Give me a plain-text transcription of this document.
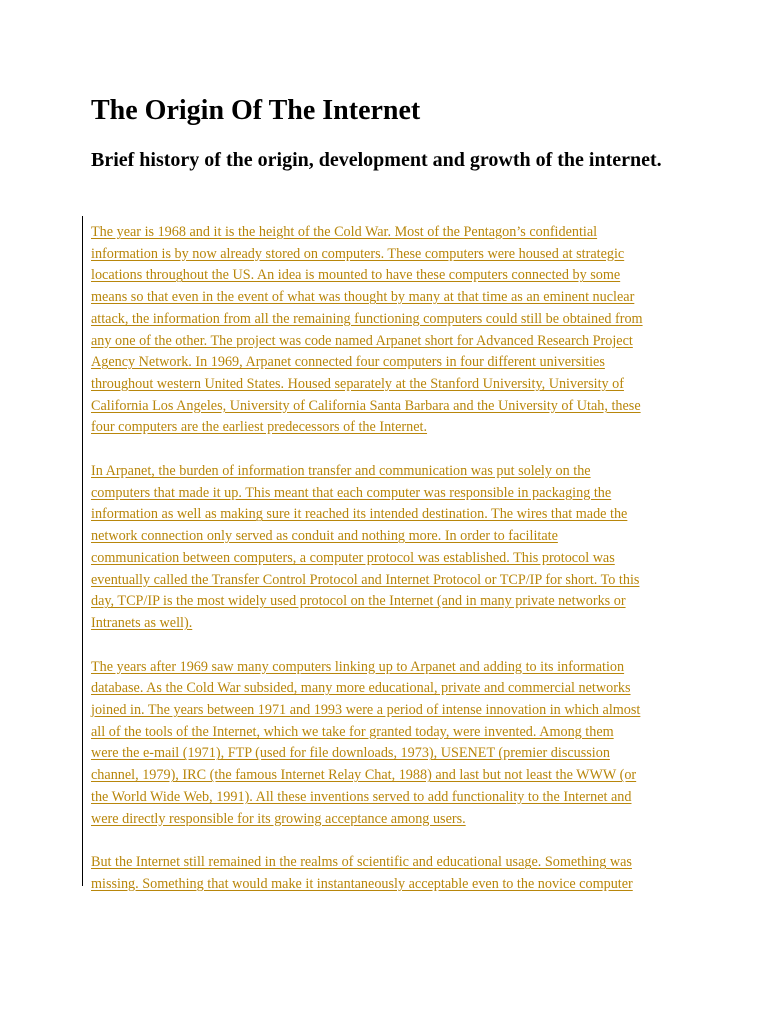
The Origin Of The Internet
Brief history of the origin, development and growth of the internet.

The year is 1968 and it is the height of the Cold War. Most of the Pentagon’s confidential
information is by now already stored on computers. These computers were housed at strategic
locations throughout the US. An idea is mounted to have these computers connected by some
means so that even in the event of what was thought by many at that time as an eminent nuclear
attack, the information from all the remaining functioning computers could still be obtained from
any one of the other. The project was code named Arpanet short for Advanced Research Project
Agency Network. In 1969, Arpanet connected four computers in four different universities
throughout western United States. Housed separately at the Stanford University, University of
California Los Angeles, University of California Santa Barbara and the University of Utah, these
four computers are the earliest predecessors of the Internet.

In Arpanet, the burden of information transfer and communication was put solely on the
computers that made it up. This meant that each computer was responsible in packaging the
information as well as making sure it reached its intended destination. The wires that made the
network connection only served as conduit and nothing more. In order to facilitate
communication between computers, a computer protocol was established. This protocol was
eventually called the Transfer Control Protocol and Internet Protocol or TCP/IP for short. To this
day, TCP/IP is the most widely used protocol on the Internet (and in many private networks or
Intranets as well).

The years after 1969 saw many computers linking up to Arpanet and adding to its information
database. As the Cold War subsided, many more educational, private and commercial networks
joined in. The years between 1971 and 1993 were a period of intense innovation in which almost
all of the tools of the Internet, which we take for granted today, were invented. Among them
were the e-mail (1971), FTP (used for file downloads, 1973), USENET (premier discussion
channel, 1979), IRC (the famous Internet Relay Chat, 1988) and last but not least the WWW (or
the World Wide Web, 1991). All these inventions served to add functionality to the Internet and
were directly responsible for its growing acceptance among users.

But the Internet still remained in the realms of scientific and educational usage. Something was
missing. Something that would make it instantaneously acceptable even to the novice computer
